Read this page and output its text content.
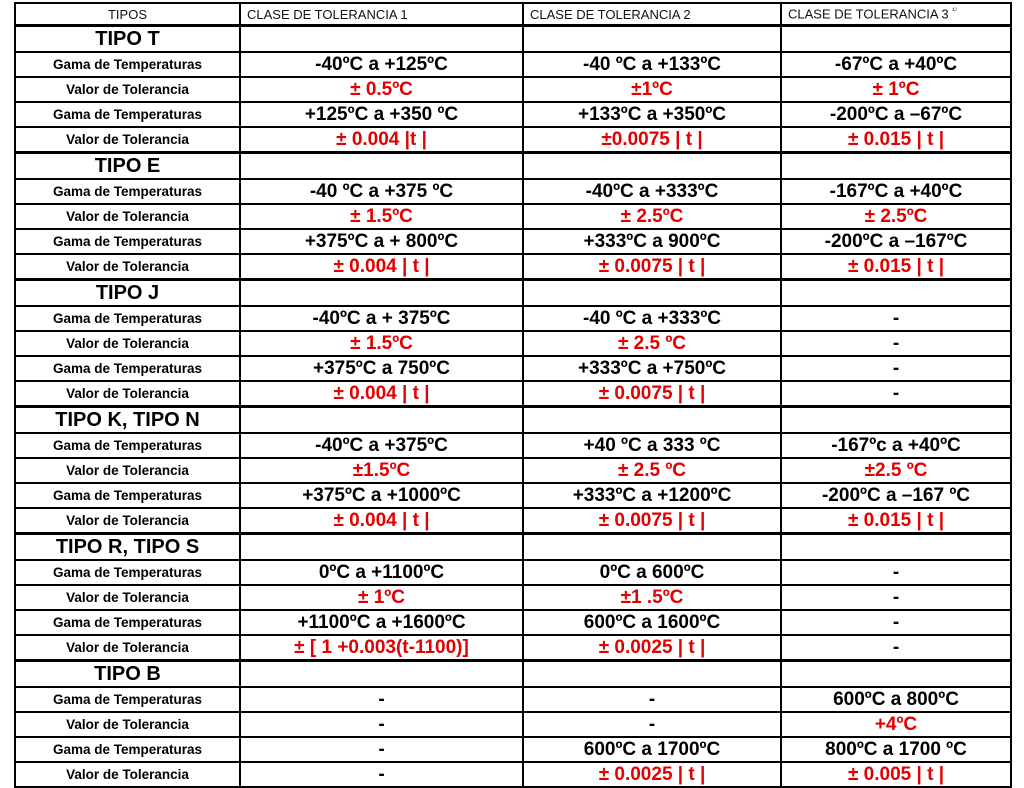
TIPOS	CLASE DE TOLERANCIA 1	CLASE DE TOLERANCIA 2	CLASE DE TOLERANCIA 3 $^{^{1)}}$
TIPO T			
Gama de Temperaturas	-40ºC a +125ºC	-40 ºC a +133ºC	-67ºC a +40ºC
Valor de Tolerancia	± 0.5ºC	±1ºC	± 1ºC
Gama de Temperaturas	+125ºC a +350 ºC	+133ºC a +350ºC	-200ºC a –67ºC
Valor de Tolerancia	± 0.004 |t |	±0.0075 | t |	± 0.015 | t |
TIPO E			
Gama de Temperaturas	-40 ºC a +375 ºC	-40ºC a +333ºC	-167ºC a +40ºC
Valor de Tolerancia	± 1.5ºC	± 2.5ºC	± 2.5ºC
Gama de Temperaturas	+375ºC a + 800ºC	+333ºC a 900ºC	-200ºC a –167ºC
Valor de Tolerancia	± 0.004 | t |	± 0.0075 | t |	± 0.015 | t |
TIPO J			
Gama de Temperaturas	-40ºC a + 375ºC	-40 ºC a +333ºC	-
Valor de Tolerancia	± 1.5ºC	± 2.5 ºC	-
Gama de Temperaturas	+375ºC a 750ºC	+333ºC a +750ºC	-
Valor de Tolerancia	± 0.004 | t |	± 0.0075 | t |	-
TIPO K, TIPO N			
Gama de Temperaturas	-40ºC a +375ºC	+40 ºC a 333 ºC	-167ºc a +40ºC
Valor de Tolerancia	±1.5ºC	± 2.5 ºC	±2.5 ºC
Gama de Temperaturas	+375ºC a +1000ºC	+333ºC a +1200ºC	-200ºC a –167 ºC
Valor de Tolerancia	± 0.004 | t |	± 0.0075 | t |	± 0.015 | t |
TIPO R, TIPO S			
Gama de Temperaturas	0ºC a +1100ºC	0ºC a 600ºC	-
Valor de Tolerancia	± 1ºC	±1 .5ºC	-
Gama de Temperaturas	+1100ºC a +1600ºC	600ºC a 1600ºC	-
Valor de Tolerancia	± [ 1 +0.003(t-1100)]	± 0.0025 | t |	-
TIPO B			
Gama de Temperaturas	-	-	600ºC a 800ºC
Valor de Tolerancia	-	-	+4ºC
Gama de Temperaturas	-	600ºC a 1700ºC	800ºC a 1700 ºC
Valor de Tolerancia	-	± 0.0025 | t |	± 0.005 | t |
